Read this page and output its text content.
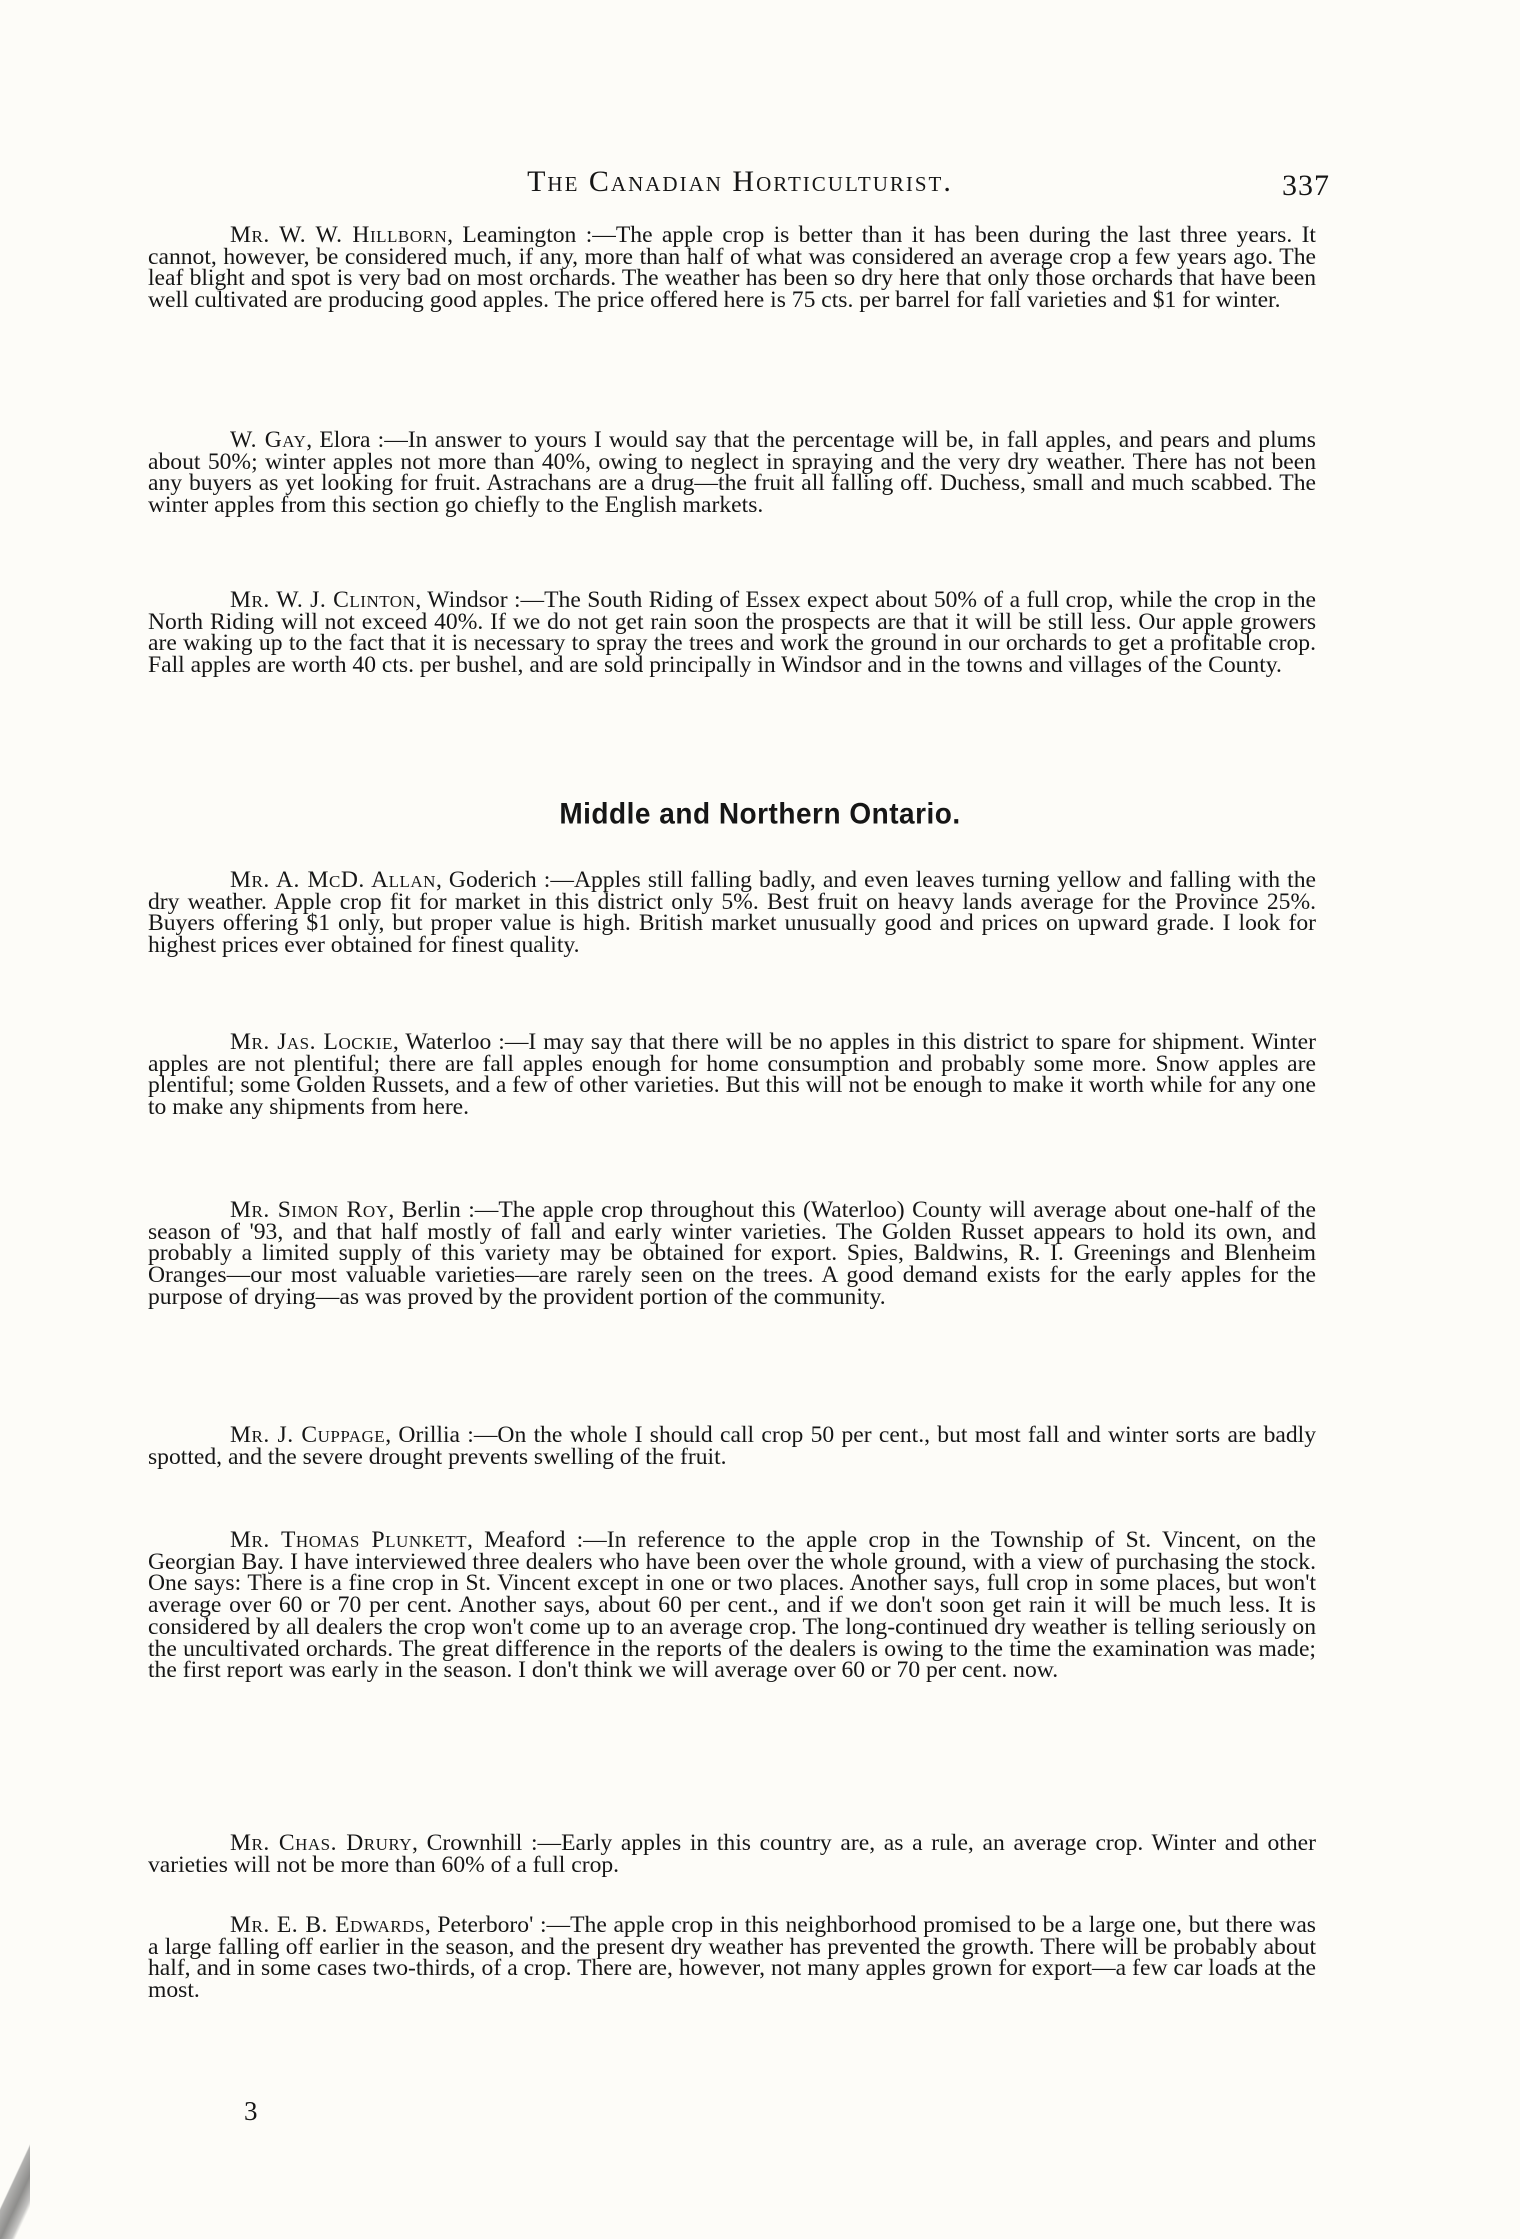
The Canadian Horticulturist.	337

Mr. W. W. Hillborn, Leamington :—The apple crop is better than it has been during the last three years. It cannot, however, be considered much, if any, more than half of what was considered an average crop a few years ago. The leaf blight and spot is very bad on most orchards. The weather has been so dry here that only those orchards that have been well cultivated are producing good apples. The price offered here is 75 cts. per barrel for fall varieties and $1 for winter.

W. Gay, Elora :—In answer to yours I would say that the percentage will be, in fall apples, and pears and plums about 50%; winter apples not more than 40%, owing to neglect in spraying and the very dry weather. There has not been any buyers as yet looking for fruit. Astrachans are a drug—the fruit all falling off. Duchess, small and much scabbed. The winter apples from this section go chiefly to the English markets.

Mr. W. J. Clinton, Windsor :—The South Riding of Essex expect about 50% of a full crop, while the crop in the North Riding will not exceed 40%. If we do not get rain soon the prospects are that it will be still less. Our apple growers are waking up to the fact that it is necessary to spray the trees and work the ground in our orchards to get a profitable crop. Fall apples are worth 40 cts. per bushel, and are sold principally in Windsor and in the towns and villages of the County.

Middle and Northern Ontario.

Mr. A. McD. Allan, Goderich :—Apples still falling badly, and even leaves turning yellow and falling with the dry weather. Apple crop fit for market in this district only 5%. Best fruit on heavy lands average for the Province 25%. Buyers offering $1 only, but proper value is high. British market unusually good and prices on upward grade. I look for highest prices ever obtained for finest quality.

Mr. Jas. Lockie, Waterloo :—I may say that there will be no apples in this district to spare for shipment. Winter apples are not plentiful; there are fall apples enough for home consumption and probably some more. Snow apples are plentiful; some Golden Russets, and a few of other varieties. But this will not be enough to make it worth while for any one to make any shipments from here.

Mr. Simon Roy, Berlin :—The apple crop throughout this (Waterloo) County will average about one-half of the season of '93, and that half mostly of fall and early winter varieties. The Golden Russet appears to hold its own, and probably a limited supply of this variety may be obtained for export. Spies, Baldwins, R. I. Greenings and Blenheim Oranges—our most valuable varieties—are rarely seen on the trees. A good demand exists for the early apples for the purpose of drying—as was proved by the provident portion of the community.

Mr. J. Cuppage, Orillia :—On the whole I should call crop 50 per cent., but most fall and winter sorts are badly spotted, and the severe drought prevents swelling of the fruit.

Mr. Thomas Plunkett, Meaford :—In reference to the apple crop in the Township of St. Vincent, on the Georgian Bay. I have interviewed three dealers who have been over the whole ground, with a view of purchasing the stock. One says: There is a fine crop in St. Vincent except in one or two places. Another says, full crop in some places, but won't average over 60 or 70 per cent. Another says, about 60 per cent., and if we don't soon get rain it will be much less. It is considered by all dealers the crop won't come up to an average crop. The long-continued dry weather is telling seriously on the uncultivated orchards. The great difference in the reports of the dealers is owing to the time the examination was made; the first report was early in the season. I don't think we will average over 60 or 70 per cent. now.

Mr. Chas. Drury, Crownhill :—Early apples in this country are, as a rule, an average crop. Winter and other varieties will not be more than 60% of a full crop.

Mr. E. B. Edwards, Peterboro' :—The apple crop in this neighborhood promised to be a large one, but there was a large falling off earlier in the season, and the present dry weather has prevented the growth. There will be probably about half, and in some cases two-thirds, of a crop. There are, however, not many apples grown for export—a few car loads at the most.

3
